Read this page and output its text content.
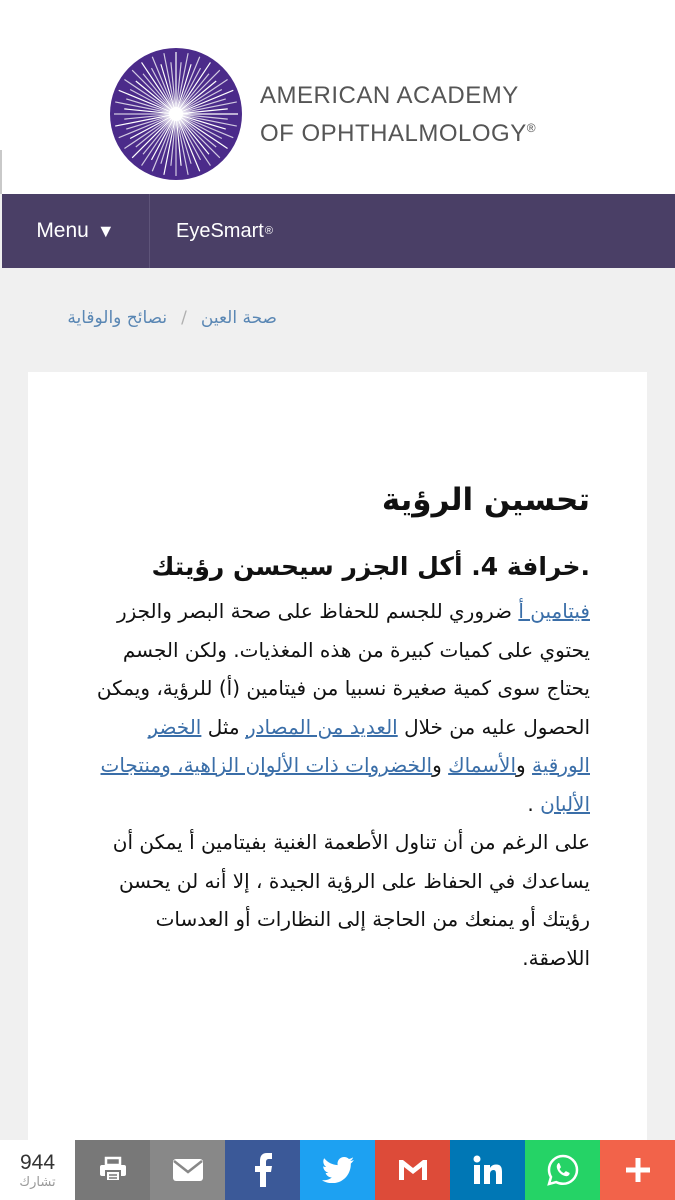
AMERICAN ACADEMY
OF OPHTHALMOLOGY®
Menu ▼	EyeSmart ®
صحة العين
/
نصائح والوقاية
تحسين الرؤية
.خرافة 4. أكل الجزر سيحسن رؤيتك

فيتامين أ ضروري للجسم للحفاظ على صحة البصر والجزر يحتوي على كميات كبيرة من هذه المغذيات. ولكن الجسم يحتاج سوى كمية صغيرة نسبيا من فيتامين (أ) للرؤية، ويمكن الحصول عليه من خلال العديد من المصادر مثل الخضر الورقية والأسماك والخضروات ذات الألوان الزاهية، ومنتجات الألبان .

على الرغم من أن تناول الأطعمة الغنية بفيتامين أ يمكن أن يساعدك في الحفاظ على الرؤية الجيدة ، إلا أنه لن يحسن رؤيتك أو يمنعك من الحاجة إلى النظارات أو العدسات اللاصقة.

944
تشارك
